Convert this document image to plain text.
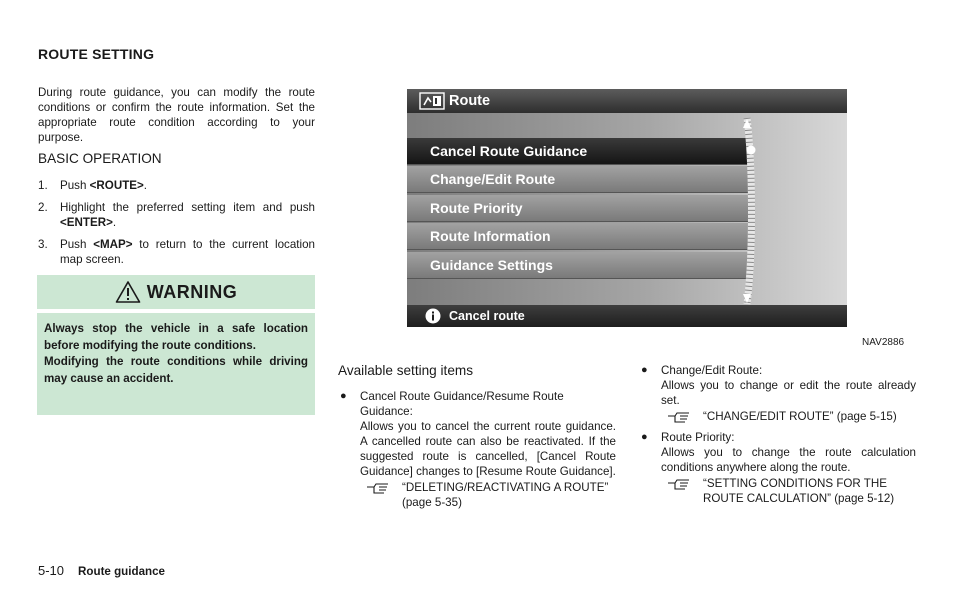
ROUTE SETTING

During route guidance, you can modify the route conditions or confirm the route information. Set the appropriate route condition according to your purpose.

BASIC OPERATION
1.	Push <ROUTE>.
2.	Highlight the preferred setting item and push <ENTER>.
3.	Push <MAP> to return to the current location map screen.
WARNING

Always stop the vehicle in a safe location before modifying the route conditions.

Modifying the route conditions while driving may cause an accident.

Route
Cancel Route Guidance
Change/Edit Route
Route Priority
Route Information
Guidance Settings
Cancel route
NAV2886
Available setting items
●	Cancel Route Guidance/Resume Route Guidance:
Allows you to cancel the current route guidance. A cancelled route can also be reactivated. If the suggested route is cancelled, [Cancel Route Guidance] changes to [Resume Route Guidance].
“DELETING/REACTIVATING A ROUTE” (page 5-35)
●	Change/Edit Route:
Allows you to change or edit the route already set.
“CHANGE/EDIT ROUTE” (page 5-15)
●	Route Priority:
Allows you to change the route calculation conditions anywhere along the route.
“SETTING CONDITIONS FOR THE ROUTE CALCULATION” (page 5-12)
5-10 Route guidance
